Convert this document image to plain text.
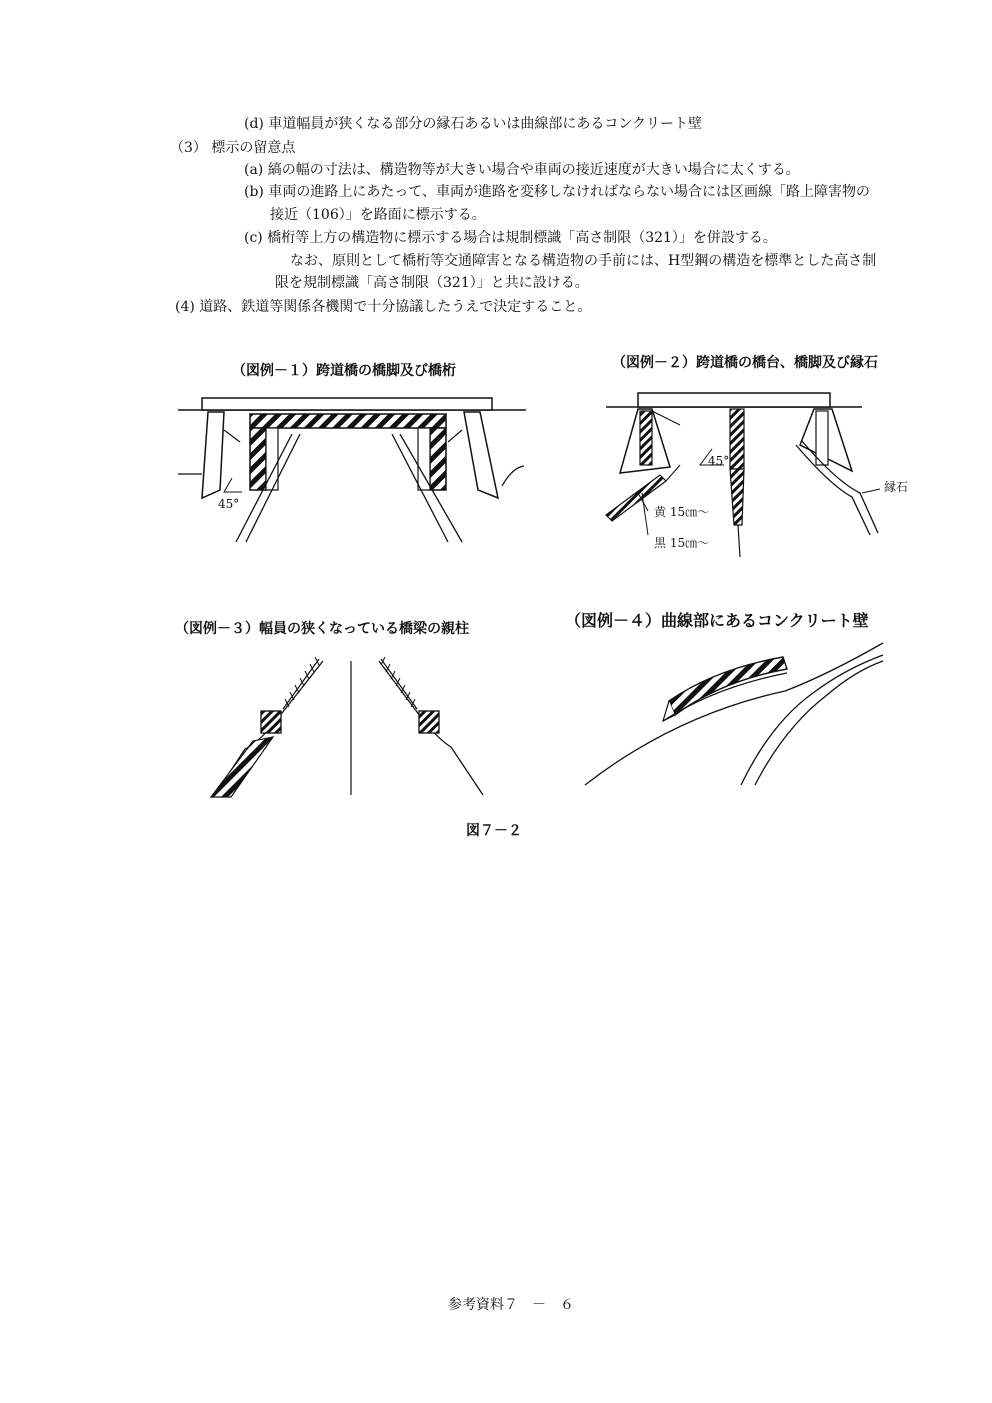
(d) 車道幅員が狭くなる部分の縁石あるいは曲線部にあるコンクリート壁
（3） 標示の留意点
(a) 縞の幅の寸法は、構造物等が大きい場合や車両の接近速度が大きい場合に太くする。
(b) 車両の進路上にあたって、車両が進路を変移しなければならない場合には区画線「路上障害物の
接近（106）」を路面に標示する。
(c) 橋桁等上方の構造物に標示する場合は規制標識「高さ制限（321）」を併設する。
なお、原則として橋桁等交通障害となる構造物の手前には、H型鋼の構造を標準とした高さ制
限を規制標識「高さ制限（321）」と共に設ける。
(4) 道路、鉄道等関係各機関で十分協議したうえで決定すること。
（図例－１）跨道橋の橋脚及び橋桁	（図例－２）跨道橋の橋台、橋脚及び縁石
（図例－３）幅員の狭くなっている橋梁の親柱	（図例－４）曲線部にあるコンクリート壁
45°
縁石
45°
黄 15㎝～
黒 15㎝～
図７－２
参考資料７　－　６
